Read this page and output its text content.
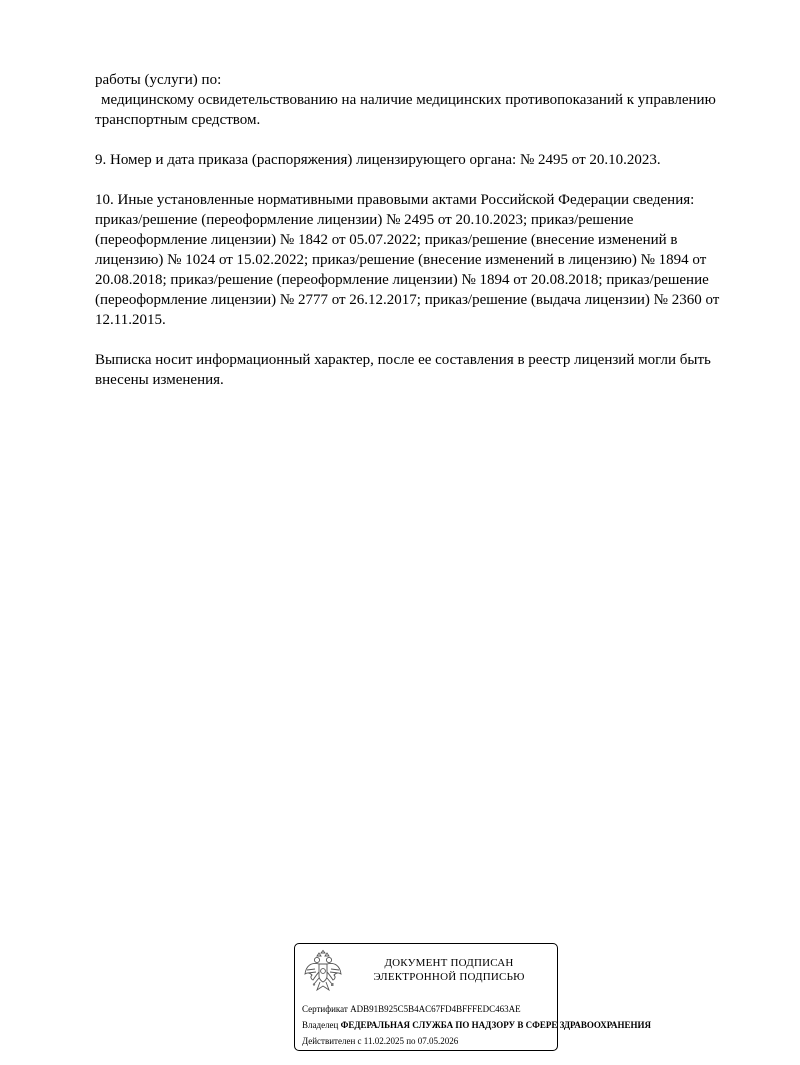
работы (услуги) по:
медицинскому освидетельствованию на наличие медицинских противопоказаний к управлению
транспортным средством.

9. Номер и дата приказа (распоряжения) лицензирующего органа: № 2495 от 20.10.2023.

10. Иные установленные нормативными правовыми актами Российской Федерации сведения:
приказ/решение (переоформление лицензии) № 2495 от 20.10.2023; приказ/решение
(переоформление лицензии) № 1842 от 05.07.2022; приказ/решение (внесение изменений в
лицензию) № 1024 от 15.02.2022; приказ/решение (внесение изменений в лицензию) № 1894 от
20.08.2018; приказ/решение (переоформление лицензии) № 1894 от 20.08.2018; приказ/решение
(переоформление лицензии) № 2777 от 26.12.2017; приказ/решение (выдача лицензии) № 2360 от
12.11.2015.

Выписка носит информационный характер, после ее составления в реестр лицензий могли быть
внесены изменения.

ДОКУМЕНТ ПОДПИСАН
ЭЛЕКТРОННОЙ ПОДПИСЬЮ
Сертификат ADB91B925C5B4AC67FD4BFFFEDC463AE
Владелец ФЕДЕРАЛЬНАЯ СЛУЖБА ПО НАДЗОРУ В СФЕРЕ ЗДРАВООХРАНЕНИЯ
Действителен с 11.02.2025 по 07.05.2026
